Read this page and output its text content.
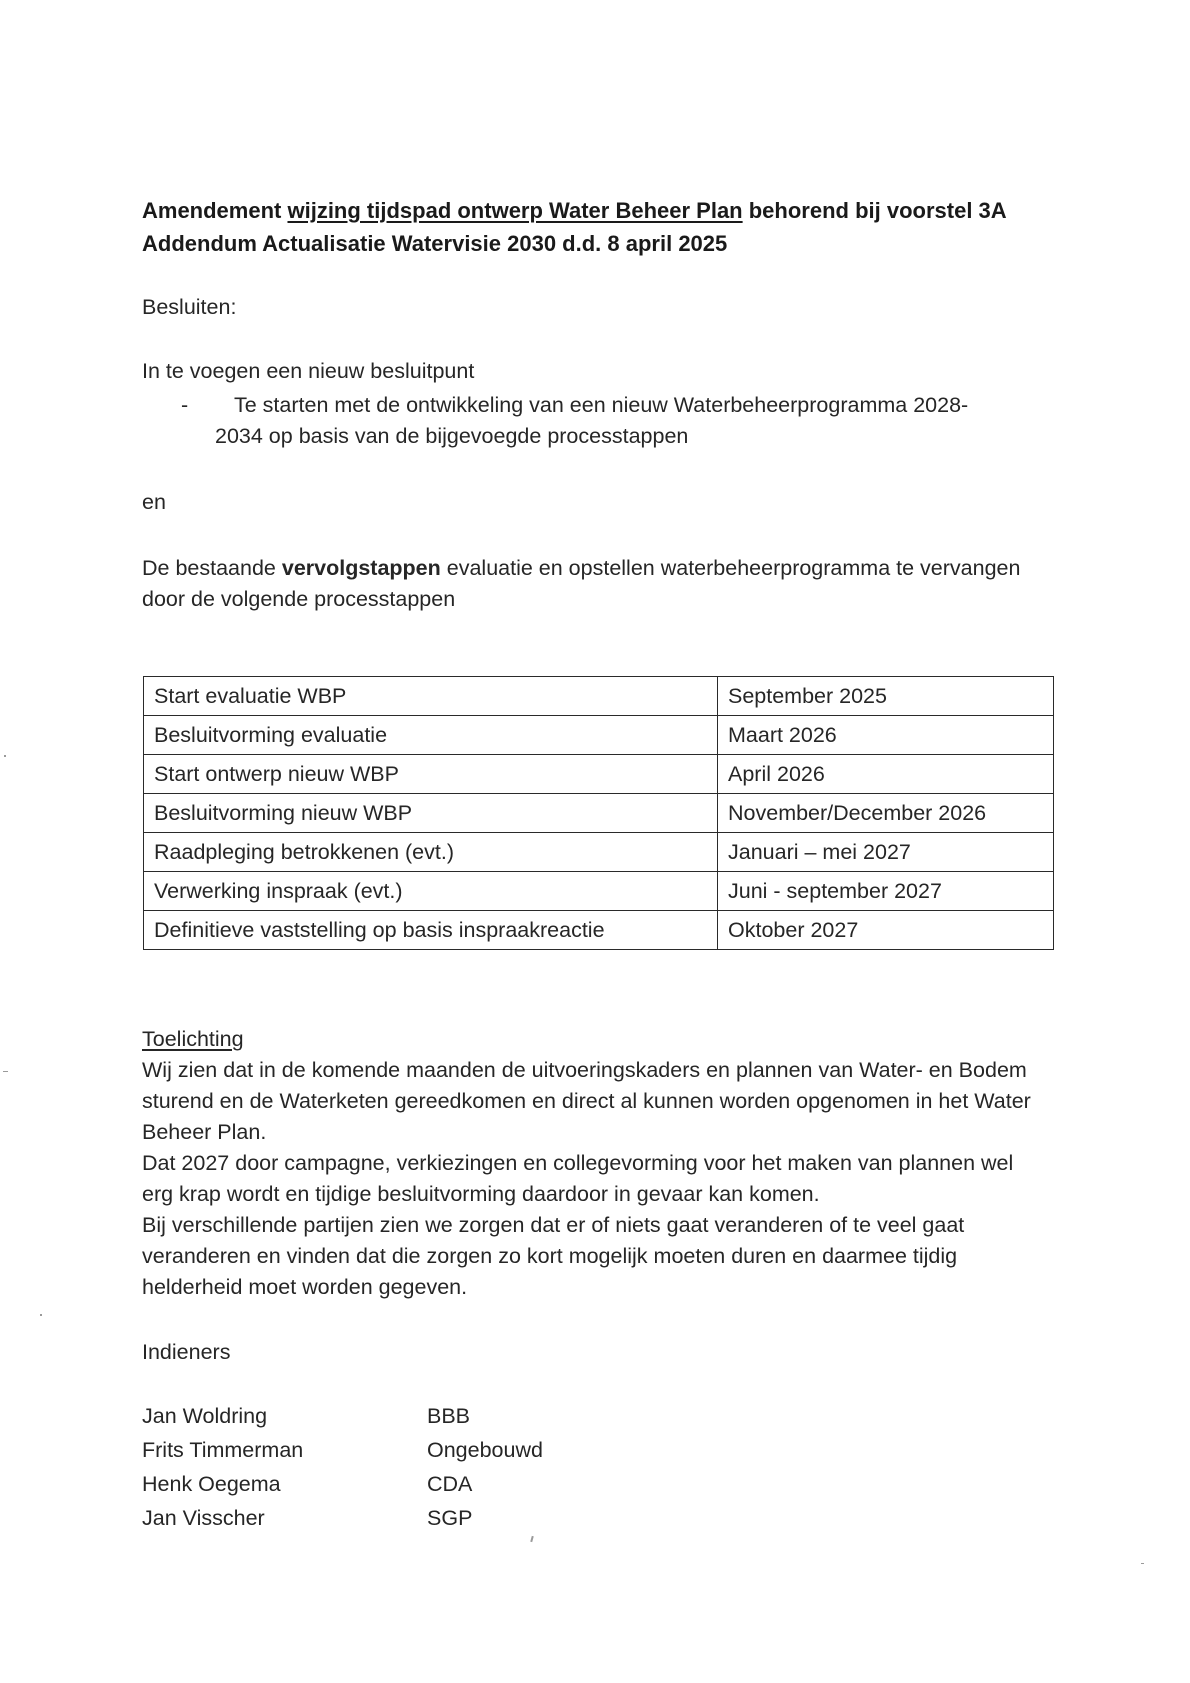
Amendement wijzing tijdspad ontwerp Water Beheer Plan behorend bij voorstel 3A
Addendum Actualisatie Watervisie 2030 d.d. 8 april 2025
Besluiten:
In te voegen een nieuw besluitpunt
-	Te starten met de ontwikkeling van een nieuw Waterbeheerprogramma 2028-
2034 op basis van de bijgevoegde processtappen
en
De bestaande vervolgstappen evaluatie en opstellen waterbeheerprogramma te vervangen door de volgende processtappen
Start evaluatie WBP	September 2025
Besluitvorming evaluatie	Maart 2026
Start ontwerp nieuw WBP	April 2026
Besluitvorming nieuw WBP	November/December 2026
Raadpleging betrokkenen (evt.)	Januari – mei 2027
Verwerking inspraak (evt.)	Juni - september 2027
Definitieve vaststelling op basis inspraakreactie	Oktober 2027
Toelichting

Wij zien dat in de komende maanden de uitvoeringskaders en plannen van Water- en Bodem sturend en de Waterketen gereedkomen en direct al kunnen worden opgenomen in het Water Beheer Plan.

Dat 2027 door campagne, verkiezingen en collegevorming voor het maken van plannen wel erg krap wordt en tijdige besluitvorming daardoor in gevaar kan komen.

Bij verschillende partijen zien we zorgen dat er of niets gaat veranderen of te veel gaat veranderen en vinden dat die zorgen zo kort mogelijk moeten duren en daarmee tijdig helderheid moet worden gegeven.

Indieners
Jan Woldring	BBB
Frits Timmerman	Ongebouwd
Henk Oegema	CDA
Jan Visscher	SGP
